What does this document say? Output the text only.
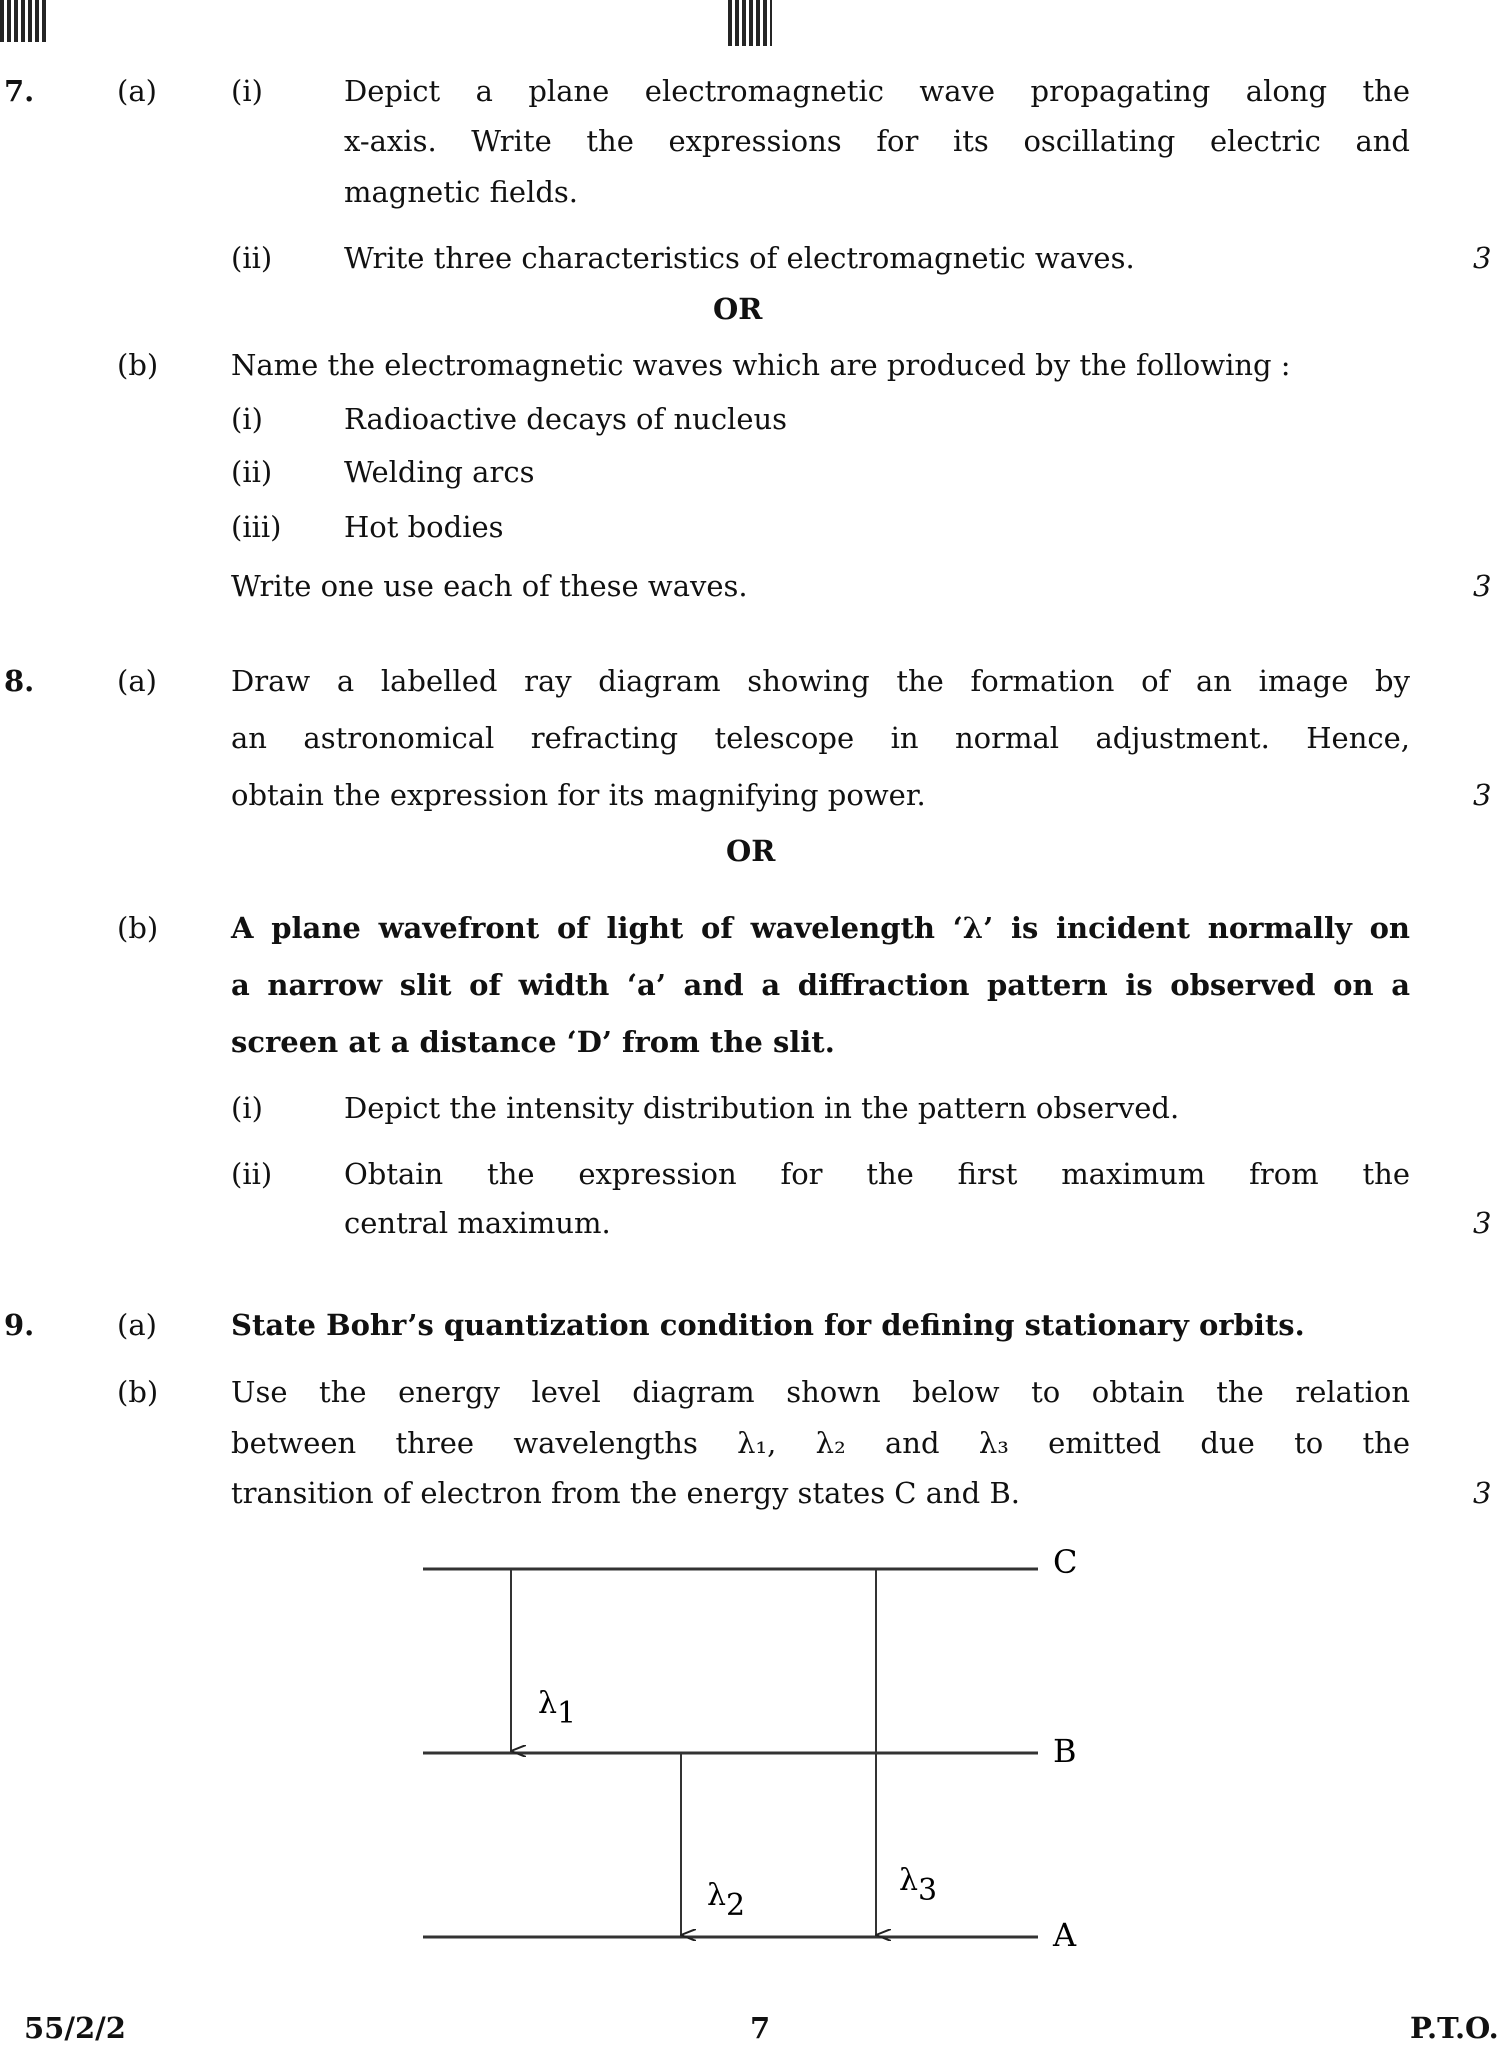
7.	(a)	(i)	Depict a plane electromagnetic wave propagating along the
x-axis. Write the expressions for its oscillating electric and
magnetic fields.
(ii) Write three characteristics of electromagnetic waves.	3
OR
(b)	Name the electromagnetic waves which are produced by the following :
(i)	Radioactive decays of nucleus
(ii) Welding arcs
(iii) Hot bodies
Write one use each of these waves.	3
8.	(a)	Draw a labelled ray diagram showing the formation of an image by
an astronomical refracting telescope in normal adjustment. Hence,
obtain the expression for its magnifying power.	3
OR
(b)	A plane wavefront of light of wavelength ‘λ’ is incident normally on
a narrow slit of width ‘a’ and a diffraction pattern is observed on a
screen at a distance ‘D’ from the slit.
(i)	Depict the intensity distribution in the pattern observed.
(ii) Obtain the expression for the first maximum from the
central maximum.	3
9.	(a)	State Bohr’s quantization condition for defining stationary orbits.
(b)	Use the energy level diagram shown below to obtain the relation
between three wavelengths λ₁, λ₂ and λ₃ emitted due to the
transition of electron from the energy states C and B.	3
C
B
A
λ1
λ2
λ3
55/2/2	7	P.T.O.
